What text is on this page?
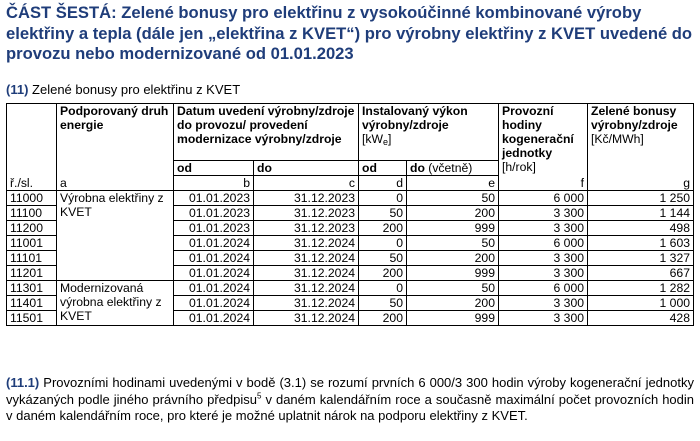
ČÁST ŠESTÁ: Zelené bonusy pro elektřinu z vysokoúčinné kombinované výroby elektřiny a tepla (dále jen „elektřina z KVET“) pro výrobny elektřiny z KVET uvedené do provozu nebo modernizované od 01.01.2023
(11) Zelené bonusy pro elektřinu z KVET
	Podporovaný druh energie	Datum uvedení výrobny/zdroje do provozu/ provedení modernizace výrobny/zdroje		Instalovaný výkon výrobny/zdroje
[kWe]		Provozní hodiny kogenerační jednotky
[h/rok]	Zelené bonusy výrobny/zdroje
[Kč/MWh]
		od	do	od	do (včetně)		
ř./sl.	a	b	c	d	e	f	g
11000	Výrobna elektřiny z KVET	01.01.2023	31.12.2023	0	50	6 000	1 250
11100		01.01.2023	31.12.2023	50	200	3 300	1 144
11200		01.01.2023	31.12.2023	200	999	3 300	498
11001		01.01.2024	31.12.2024	0	50	6 000	1 603
11101		01.01.2024	31.12.2024	50	200	3 300	1 327
11201		01.01.2024	31.12.2024	200	999	3 300	667
11301	Modernizovaná výrobna elektřiny z KVET	01.01.2024	31.12.2024	0	50	6 000	1 282
11401		01.01.2024	31.12.2024	50	200	3 300	1 000
11501		01.01.2024	31.12.2024	200	999	3 300	428
(11.1) Provozními hodinami uvedenými v bodě (3.1) se rozumí prvních 6 000/3 300 hodin výroby kogenerační jednotky vykázaných podle jiného právního předpisu$^5$ v daném kalendářním roce a současně maximální počet provozních hodin v daném kalendářním roce, pro které je možné uplatnit nárok na podporu elektřiny z KVET.
